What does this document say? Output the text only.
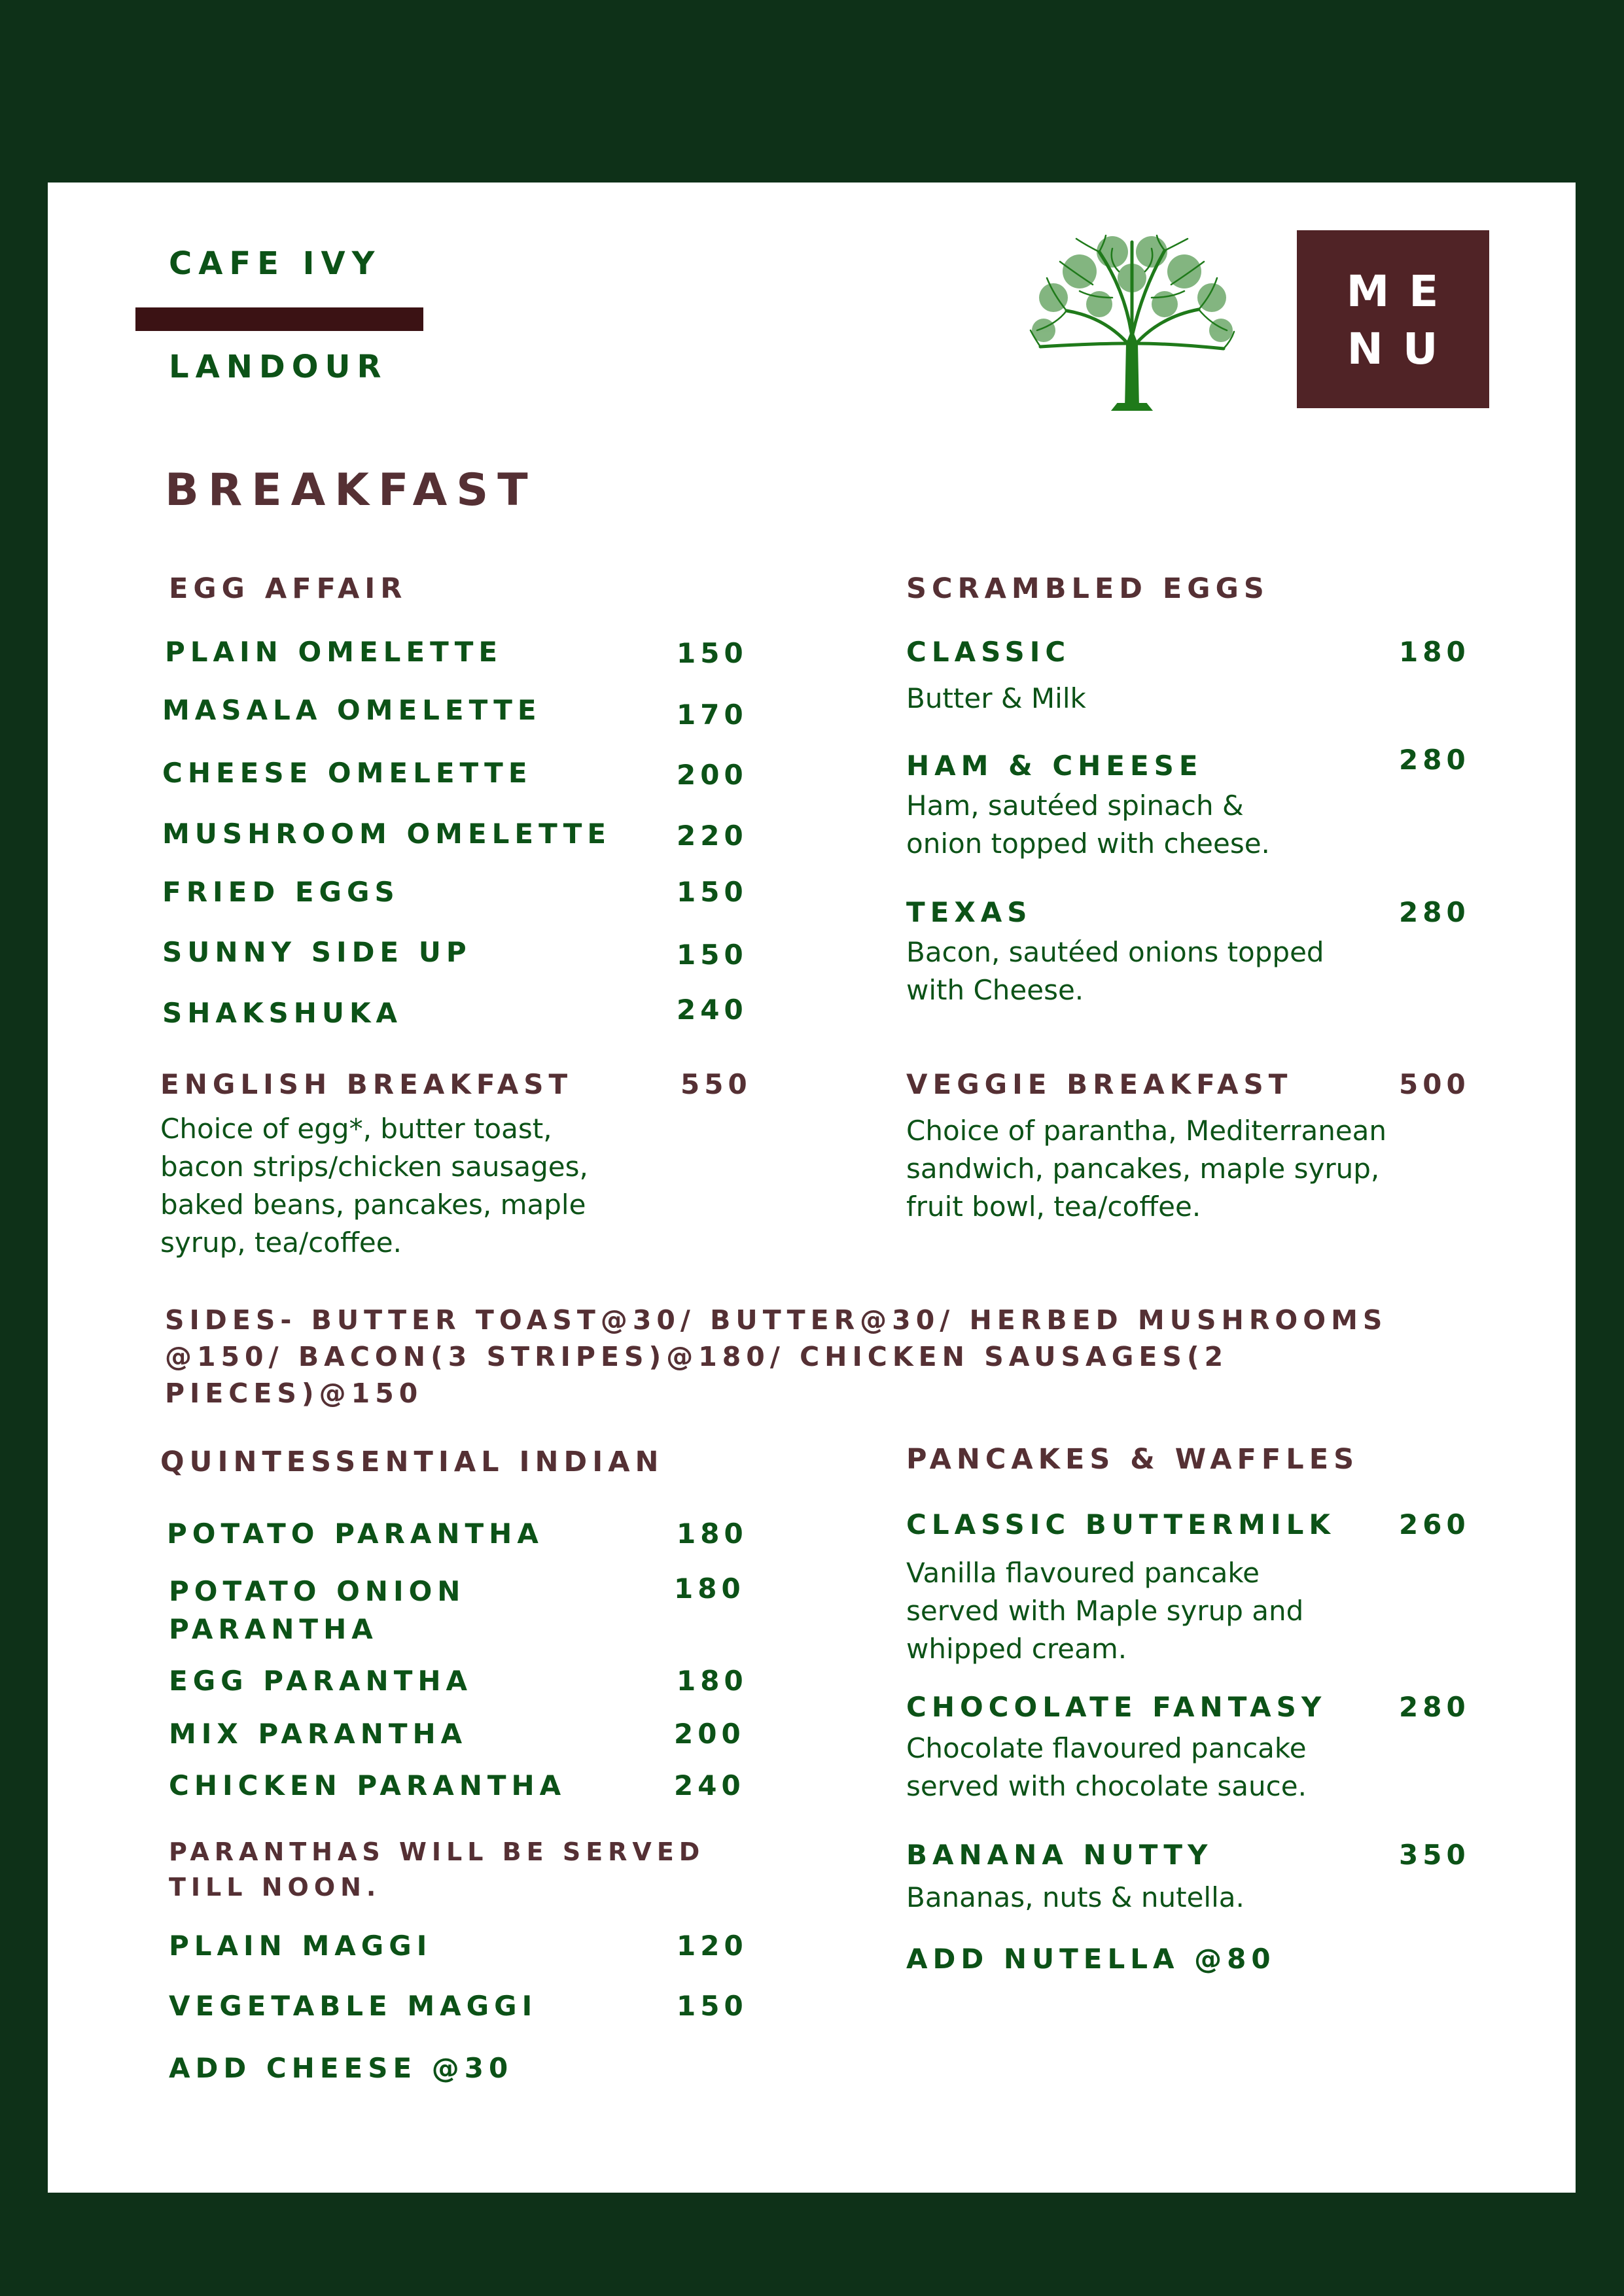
CAFE IVY
LANDOUR
ME
NU
BREAKFAST
EGG AFFAIR
PLAIN OMELETTE	150
MASALA OMELETTE	170
CHEESE OMELETTE	200
MUSHROOM OMELETTE 220
FRIED EGGS	150
SUNNY SIDE UP	150
SHAKSHUKA	240
ENGLISH BREAKFAST	550
Choice of egg*, butter toast,
bacon strips/chicken sausages,
baked beans, pancakes, maple
syrup, tea/coffee.
SCRAMBLED EGGS
CLASSIC	180
Butter & Milk
HAM & CHEESE	280
Ham, sautéed spinach &
onion topped with cheese.
TEXAS	280
Bacon, sautéed onions topped
with Cheese.
VEGGIE BREAKFAST	500
Choice of parantha, Mediterranean
sandwich, pancakes, maple syrup,
fruit bowl, tea/coffee.
SIDES- BUTTER TOAST@30/ BUTTER@30/ HERBED MUSHROOMS
@150/ BACON(3 STRIPES)@180/ CHICKEN SAUSAGES(2
PIECES)@150
QUINTESSENTIAL INDIAN
POTATO PARANTHA	180
POTATO ONION
PARANTHA
180
EGG PARANTHA	180
MIX PARANTHA	200
CHICKEN PARANTHA	240
PARANTHAS WILL BE SERVED
TILL NOON.
PLAIN MAGGI	120
VEGETABLE MAGGI	150
ADD CHEESE @30
PANCAKES & WAFFLES
CLASSIC BUTTERMILK 260
Vanilla flavoured pancake
served with Maple syrup and
whipped cream.
CHOCOLATE FANTASY	280
Chocolate flavoured pancake
served with chocolate sauce.
BANANA NUTTY	350
Bananas, nuts & nutella.
ADD NUTELLA @80
